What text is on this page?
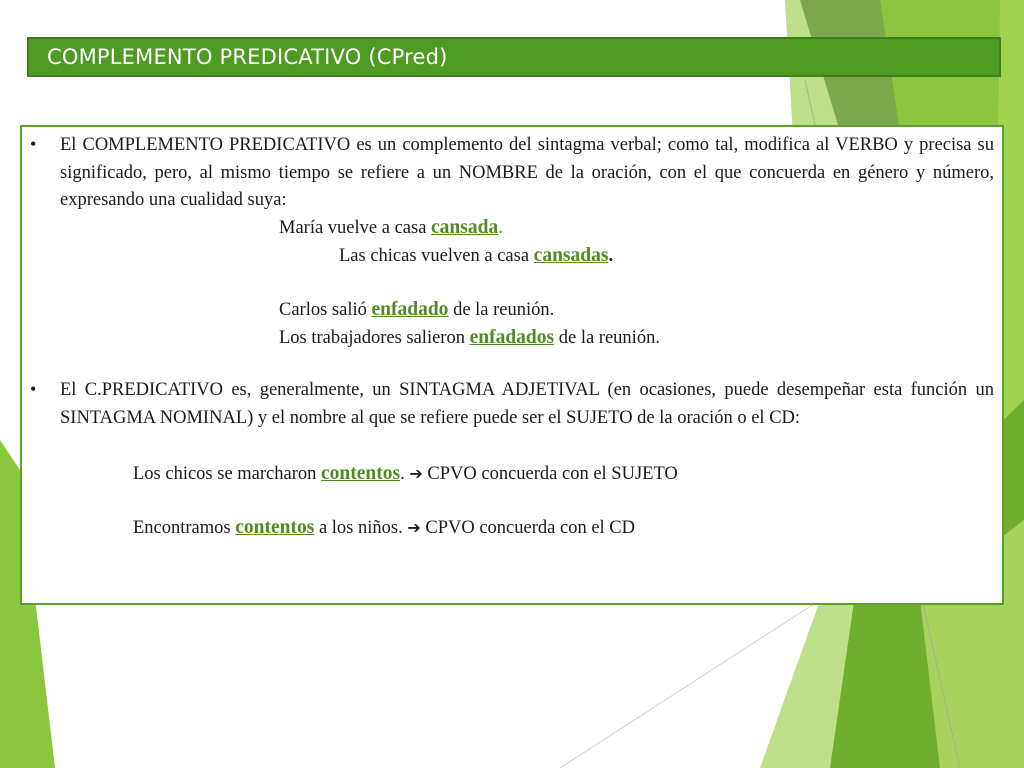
COMPLEMENTO PREDICATIVO (CPred)
• El COMPLEMENTO PREDICATIVO es un complemento del sintagma verbal; como tal, modifica al VERBO y precisa su significado, pero, al mismo tiempo se refiere a un NOMBRE de la oración, con el que concuerda en género y número, expresando una cualidad suya:
María vuelve a casa cansada.
Las chicas vuelven a casa cansadas.
Carlos salió enfadado de la reunión.
Los trabajadores salieron enfadados de la reunión.
• El C.PREDICATIVO es, generalmente, un SINTAGMA ADJETIVAL (en ocasiones, puede desempeñar esta función un SINTAGMA NOMINAL) y el nombre al que se refiere puede ser el SUJETO de la oración o el CD:
Los chicos se marcharon contentos. ➔ CPVO concuerda con el SUJETO
Encontramos contentos a los niños. ➔ CPVO concuerda con el CD
